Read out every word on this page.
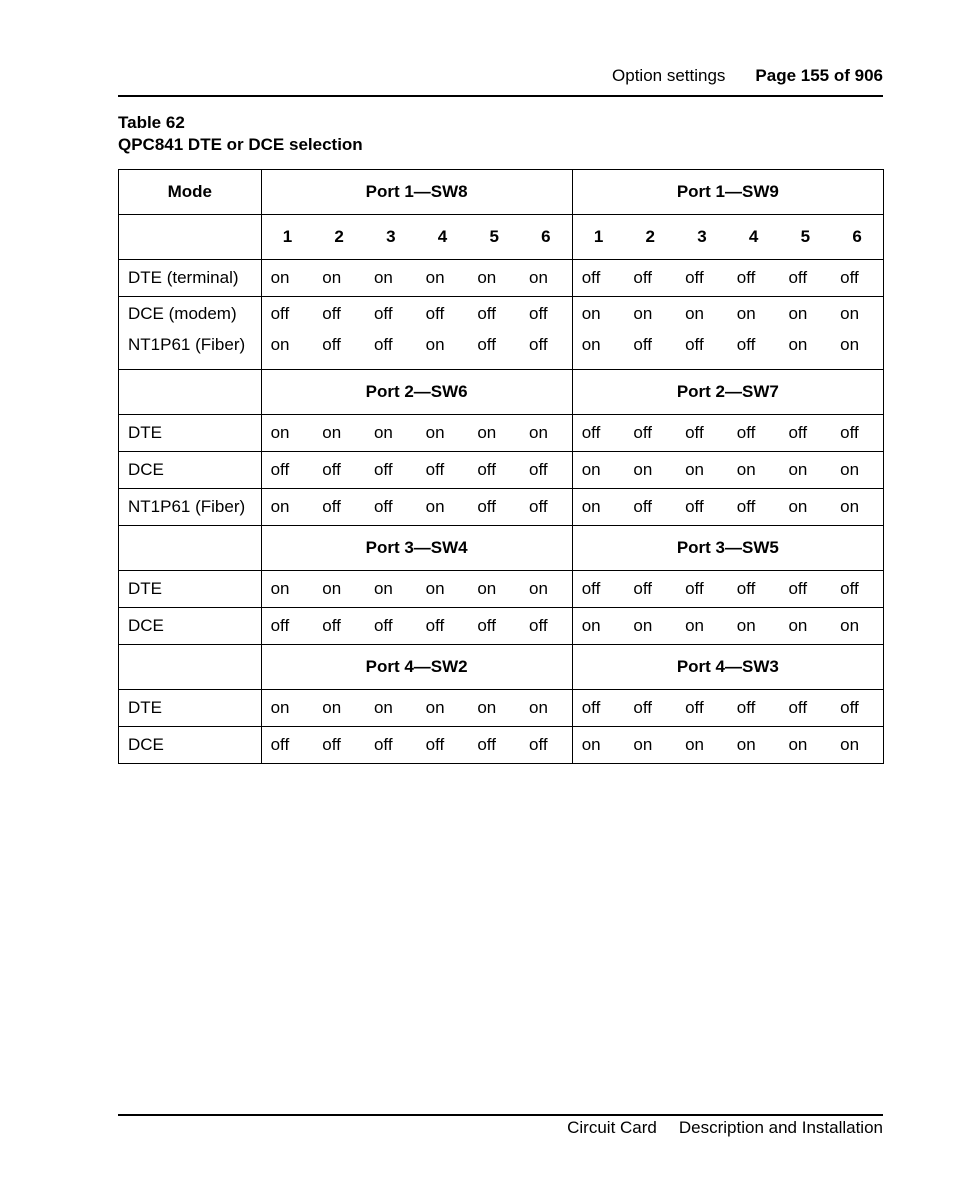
Option settings Page 155 of 906
Table 62
QPC841 DTE or DCE selection
Mode	Port 1—SW8						Port 1—SW9					
	1	2	3	4	5	6	1	2	3	4	5	6
DTE (terminal)	on	on	on	on	on	on	off	off	off	off	off	off
DCE (modem)	off	off	off	off	off	off	on	on	on	on	on	on
NT1P61 (Fiber)	on	off	off	on	off	off	on	off	off	off	on	on
	Port 2—SW6						Port 2—SW7					
DTE	on	on	on	on	on	on	off	off	off	off	off	off
DCE	off	off	off	off	off	off	on	on	on	on	on	on
NT1P61 (Fiber)	on	off	off	on	off	off	on	off	off	off	on	on
	Port 3—SW4						Port 3—SW5					
DTE	on	on	on	on	on	on	off	off	off	off	off	off
DCE	off	off	off	off	off	off	on	on	on	on	on	on
	Port 4—SW2						Port 4—SW3					
DTE	on	on	on	on	on	on	off	off	off	off	off	off
DCE	off	off	off	off	off	off	on	on	on	on	on	on
Circuit Card Description and Installation
